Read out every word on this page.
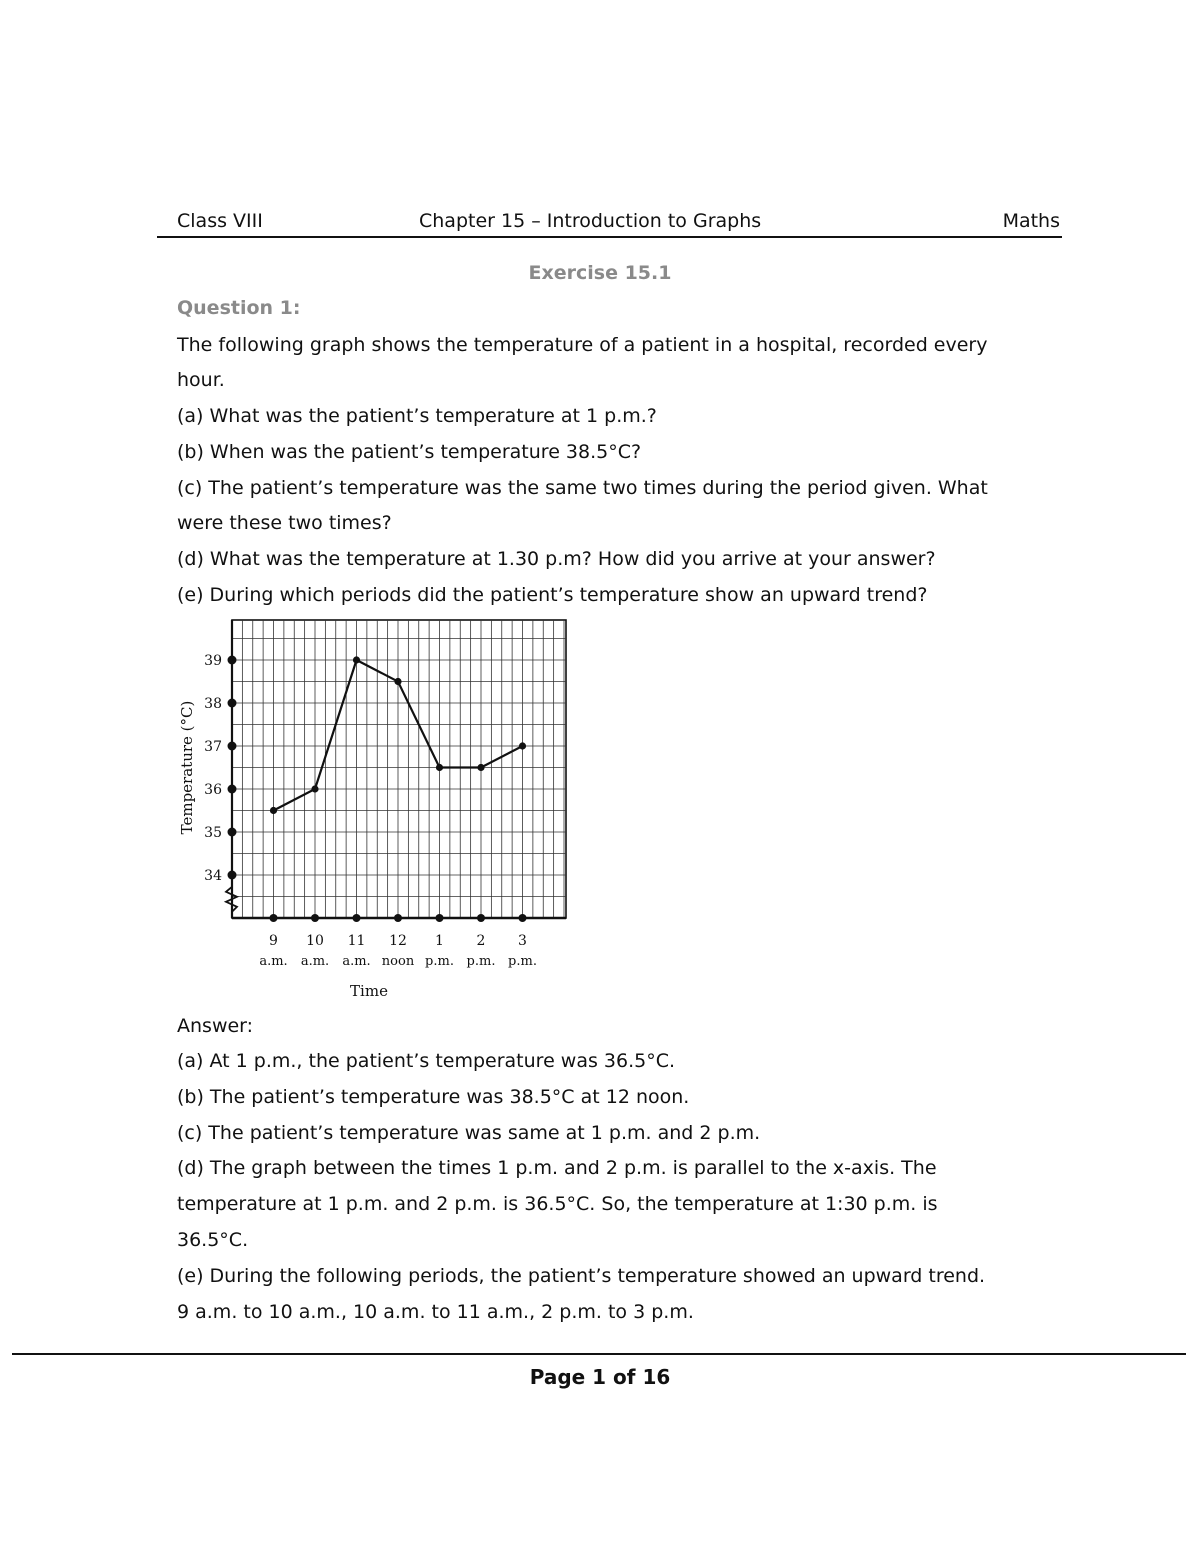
Class VIII	Chapter 15 – Introduction to Graphs	Maths
Exercise 15.1
Question 1:
The following graph shows the temperature of a patient in a hospital, recorded every
hour.
(a) What was the patient’s temperature at 1 p.m.?
(b) When was the patient’s temperature 38.5°C?
(c) The patient’s temperature was the same two times during the period given. What
were these two times?
(d) What was the temperature at 1.30 p.m? How did you arrive at your answer?
(e) During which periods did the patient’s temperature show an upward trend?
34
35
36
37
38
39
9
a.m.
10
a.m.
11
a.m.
12
noon
1
p.m.
2
p.m.
3
p.m.
Time
Temperature (°C)
Answer:
(a) At 1 p.m., the patient’s temperature was 36.5°C.
(b) The patient’s temperature was 38.5°C at 12 noon.
(c) The patient’s temperature was same at 1 p.m. and 2 p.m.
(d) The graph between the times 1 p.m. and 2 p.m. is parallel to the x-axis. The
temperature at 1 p.m. and 2 p.m. is 36.5°C. So, the temperature at 1:30 p.m. is
36.5°C.
(e) During the following periods, the patient’s temperature showed an upward trend.
9 a.m. to 10 a.m., 10 a.m. to 11 a.m., 2 p.m. to 3 p.m.
Page 1 of 16
